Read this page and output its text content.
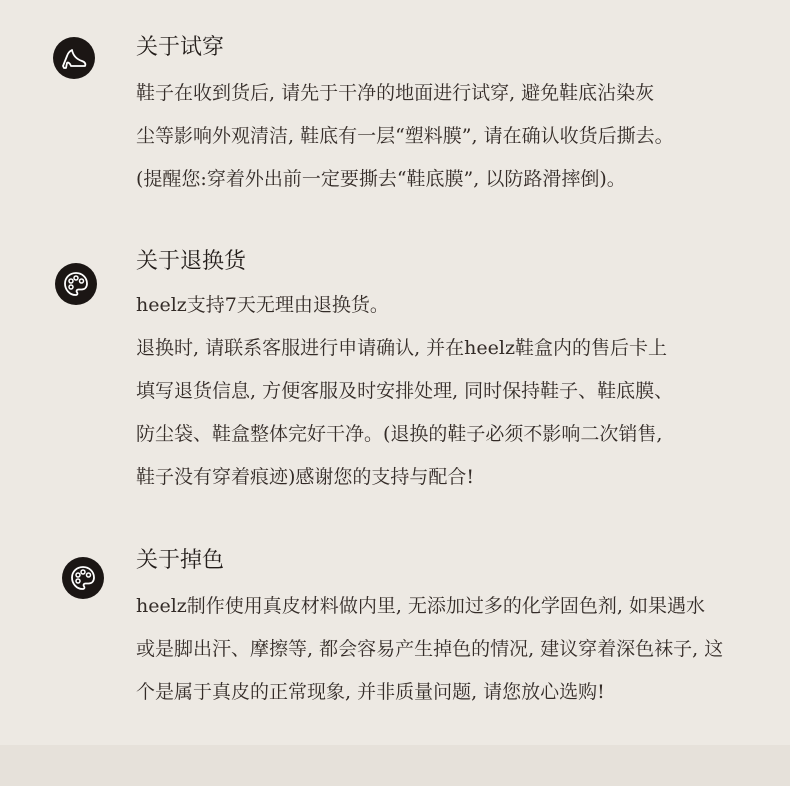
关于试穿
鞋子在收到货后, 请先于干净的地面进行试穿, 避免鞋底沾染灰
尘等影响外观清洁, 鞋底有一层“塑料膜”, 请在确认收货后撕去。
(提醒您:穿着外出前一定要撕去“鞋底膜”, 以防路滑摔倒)。
关于退换货
heelz支持7天无理由退换货。
退换时, 请联系客服进行申请确认, 并在heelz鞋盒内的售后卡上
填写退货信息, 方便客服及时安排处理, 同时保持鞋子、鞋底膜、
防尘袋、鞋盒整体完好干净。(退换的鞋子必须不影响二次销售,
鞋子没有穿着痕迹)感谢您的支持与配合!
关于掉色
heelz制作使用真皮材料做内里, 无添加过多的化学固色剂, 如果遇水
或是脚出汗、摩擦等, 都会容易产生掉色的情况, 建议穿着深色袜子, 这
个是属于真皮的正常现象, 并非质量问题, 请您放心选购!
